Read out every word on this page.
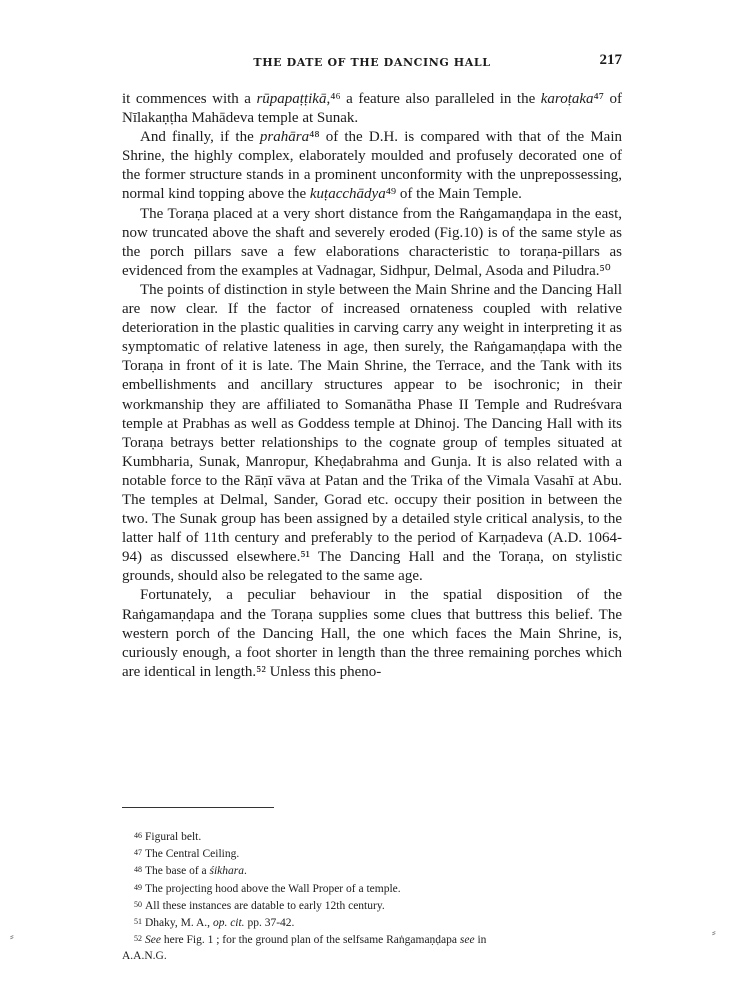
THE DATE OF THE DANCING HALL	217

it commences with a rūpapaṭṭikā,⁴⁶ a feature also paralleled in the karoṭaka⁴⁷ of Nīlakaṇṭha Mahādeva temple at Sunak.

And finally, if the prahāra⁴⁸ of the D.H. is compared with that of the Main Shrine, the highly complex, elaborately moulded and profusely decorated one of the former structure stands in a prominent unconformity with the unprepossessing, normal kind topping above the kuṭacchādya⁴⁹ of the Main Temple.

The Toraṇa placed at a very short distance from the Raṅgamaṇḍapa in the east, now truncated above the shaft and severely eroded (Fig.10) is of the same style as the porch pillars save a few elaborations characteristic to toraṇa-pillars as evidenced from the examples at Vadnagar, Sidhpur, Delmal, Asoda and Piludra.⁵⁰

The points of distinction in style between the Main Shrine and the Dancing Hall are now clear. If the factor of increased ornateness coupled with relative deterioration in the plastic qualities in carving carry any weight in interpreting it as symptomatic of relative lateness in age, then surely, the Raṅgamaṇḍapa with the Toraṇa in front of it is late. The Main Shrine, the Terrace, and the Tank with its embellishments and ancillary structures appear to be isochronic; in their workmanship they are affiliated to Somanātha Phase II Temple and Rudreśvara temple at Prabhas as well as Goddess temple at Dhinoj. The Dancing Hall with its Toraṇa betrays better relationships to the cognate group of temples situated at Kumbharia, Sunak, Manropur, Kheḍabrahma and Gunja. It is also related with a notable force to the Rāṇī vāva at Patan and the Trika of the Vimala Vasahī at Abu. The temples at Delmal, Sander, Gorad etc. occupy their position in between the two. The Sunak group has been assigned by a detailed style critical analysis, to the latter half of 11th century and preferably to the period of Karṇadeva (A.D. 1064-94) as discussed elsewhere.⁵¹ The Dancing Hall and the Toraṇa, on stylistic grounds, should also be relegated to the same age.

Fortunately, a peculiar behaviour in the spatial disposition of the Raṅgamaṇḍapa and the Toraṇa supplies some clues that buttress this belief. The western porch of the Dancing Hall, the one which faces the Main Shrine, is, curiously enough, a foot shorter in length than the three remaining porches which are identical in length.⁵² Unless this pheno-

46 Figural belt.

47 The Central Ceiling.

48 The base of a śikhara.

49 The projecting hood above the Wall Proper of a temple.

50 All these instances are datable to early 12th century.

51 Dhaky, M. A., op. cit. pp. 37-42.

52 See here Fig. 1 ; for the ground plan of the selfsame Raṅgamaṇḍapa see in

A.A.N.G.

⸗	⸗
